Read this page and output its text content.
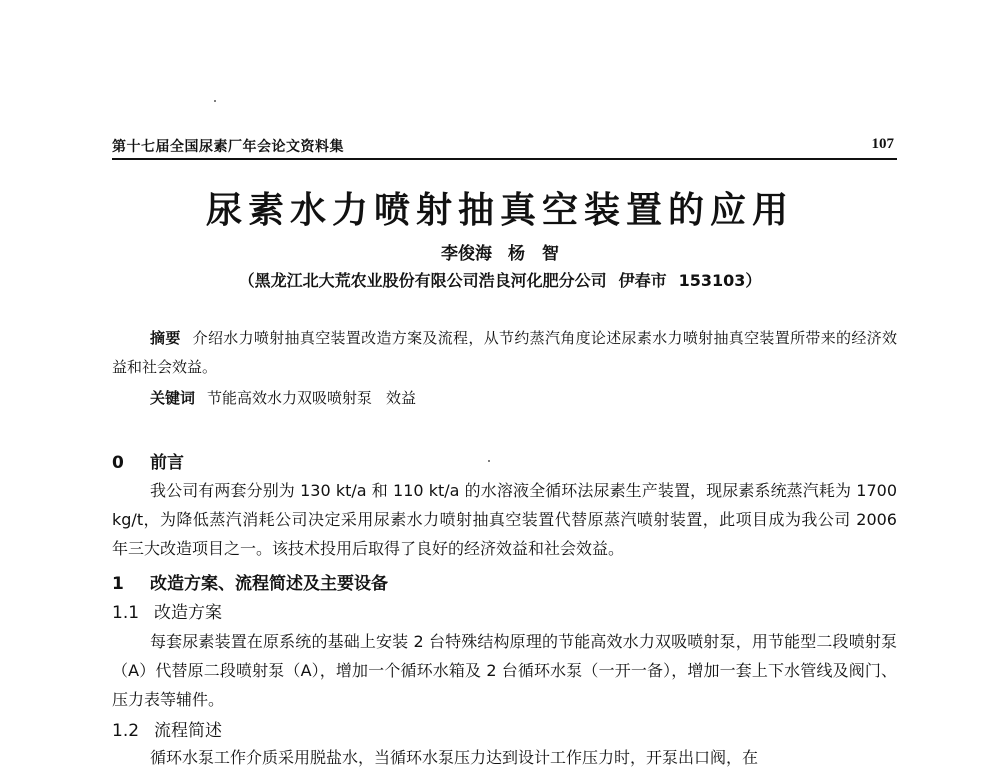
第十七届全国尿素厂年会论文资料集	107
尿素水力喷射抽真空装置的应用
李俊海 杨　智
（黑龙江北大荒农业股份有限公司浩良河化肥分公司 伊春市 153103）
摘要 介绍水力喷射抽真空装置改造方案及流程，从节约蒸汽角度论述尿素水力喷射抽真空装置所带来的经济效益和社会效益。
关键词 节能高效水力双吸喷射泵 效益
0 前言
我公司有两套分别为 130 kt/a 和 110 kt/a 的水溶液全循环法尿素生产装置，现尿素系统蒸汽耗为 1700 kg/t，为降低蒸汽消耗公司决定采用尿素水力喷射抽真空装置代替原蒸汽喷射装置，此项目成为我公司 2006 年三大改造项目之一。该技术投用后取得了良好的经济效益和社会效益。
1 改造方案、流程简述及主要设备
1.1 改造方案
每套尿素装置在原系统的基础上安装 2 台特殊结构原理的节能高效水力双吸喷射泵，用节能型二段喷射泵（A）代替原二段喷射泵（A），增加一个循环水箱及 2 台循环水泵（一开一备），增加一套上下水管线及阀门、压力表等辅件。
1.2 流程简述
循环水泵工作介质采用脱盐水，当循环水泵压力达到设计工作压力时，开泵出口阀，在
